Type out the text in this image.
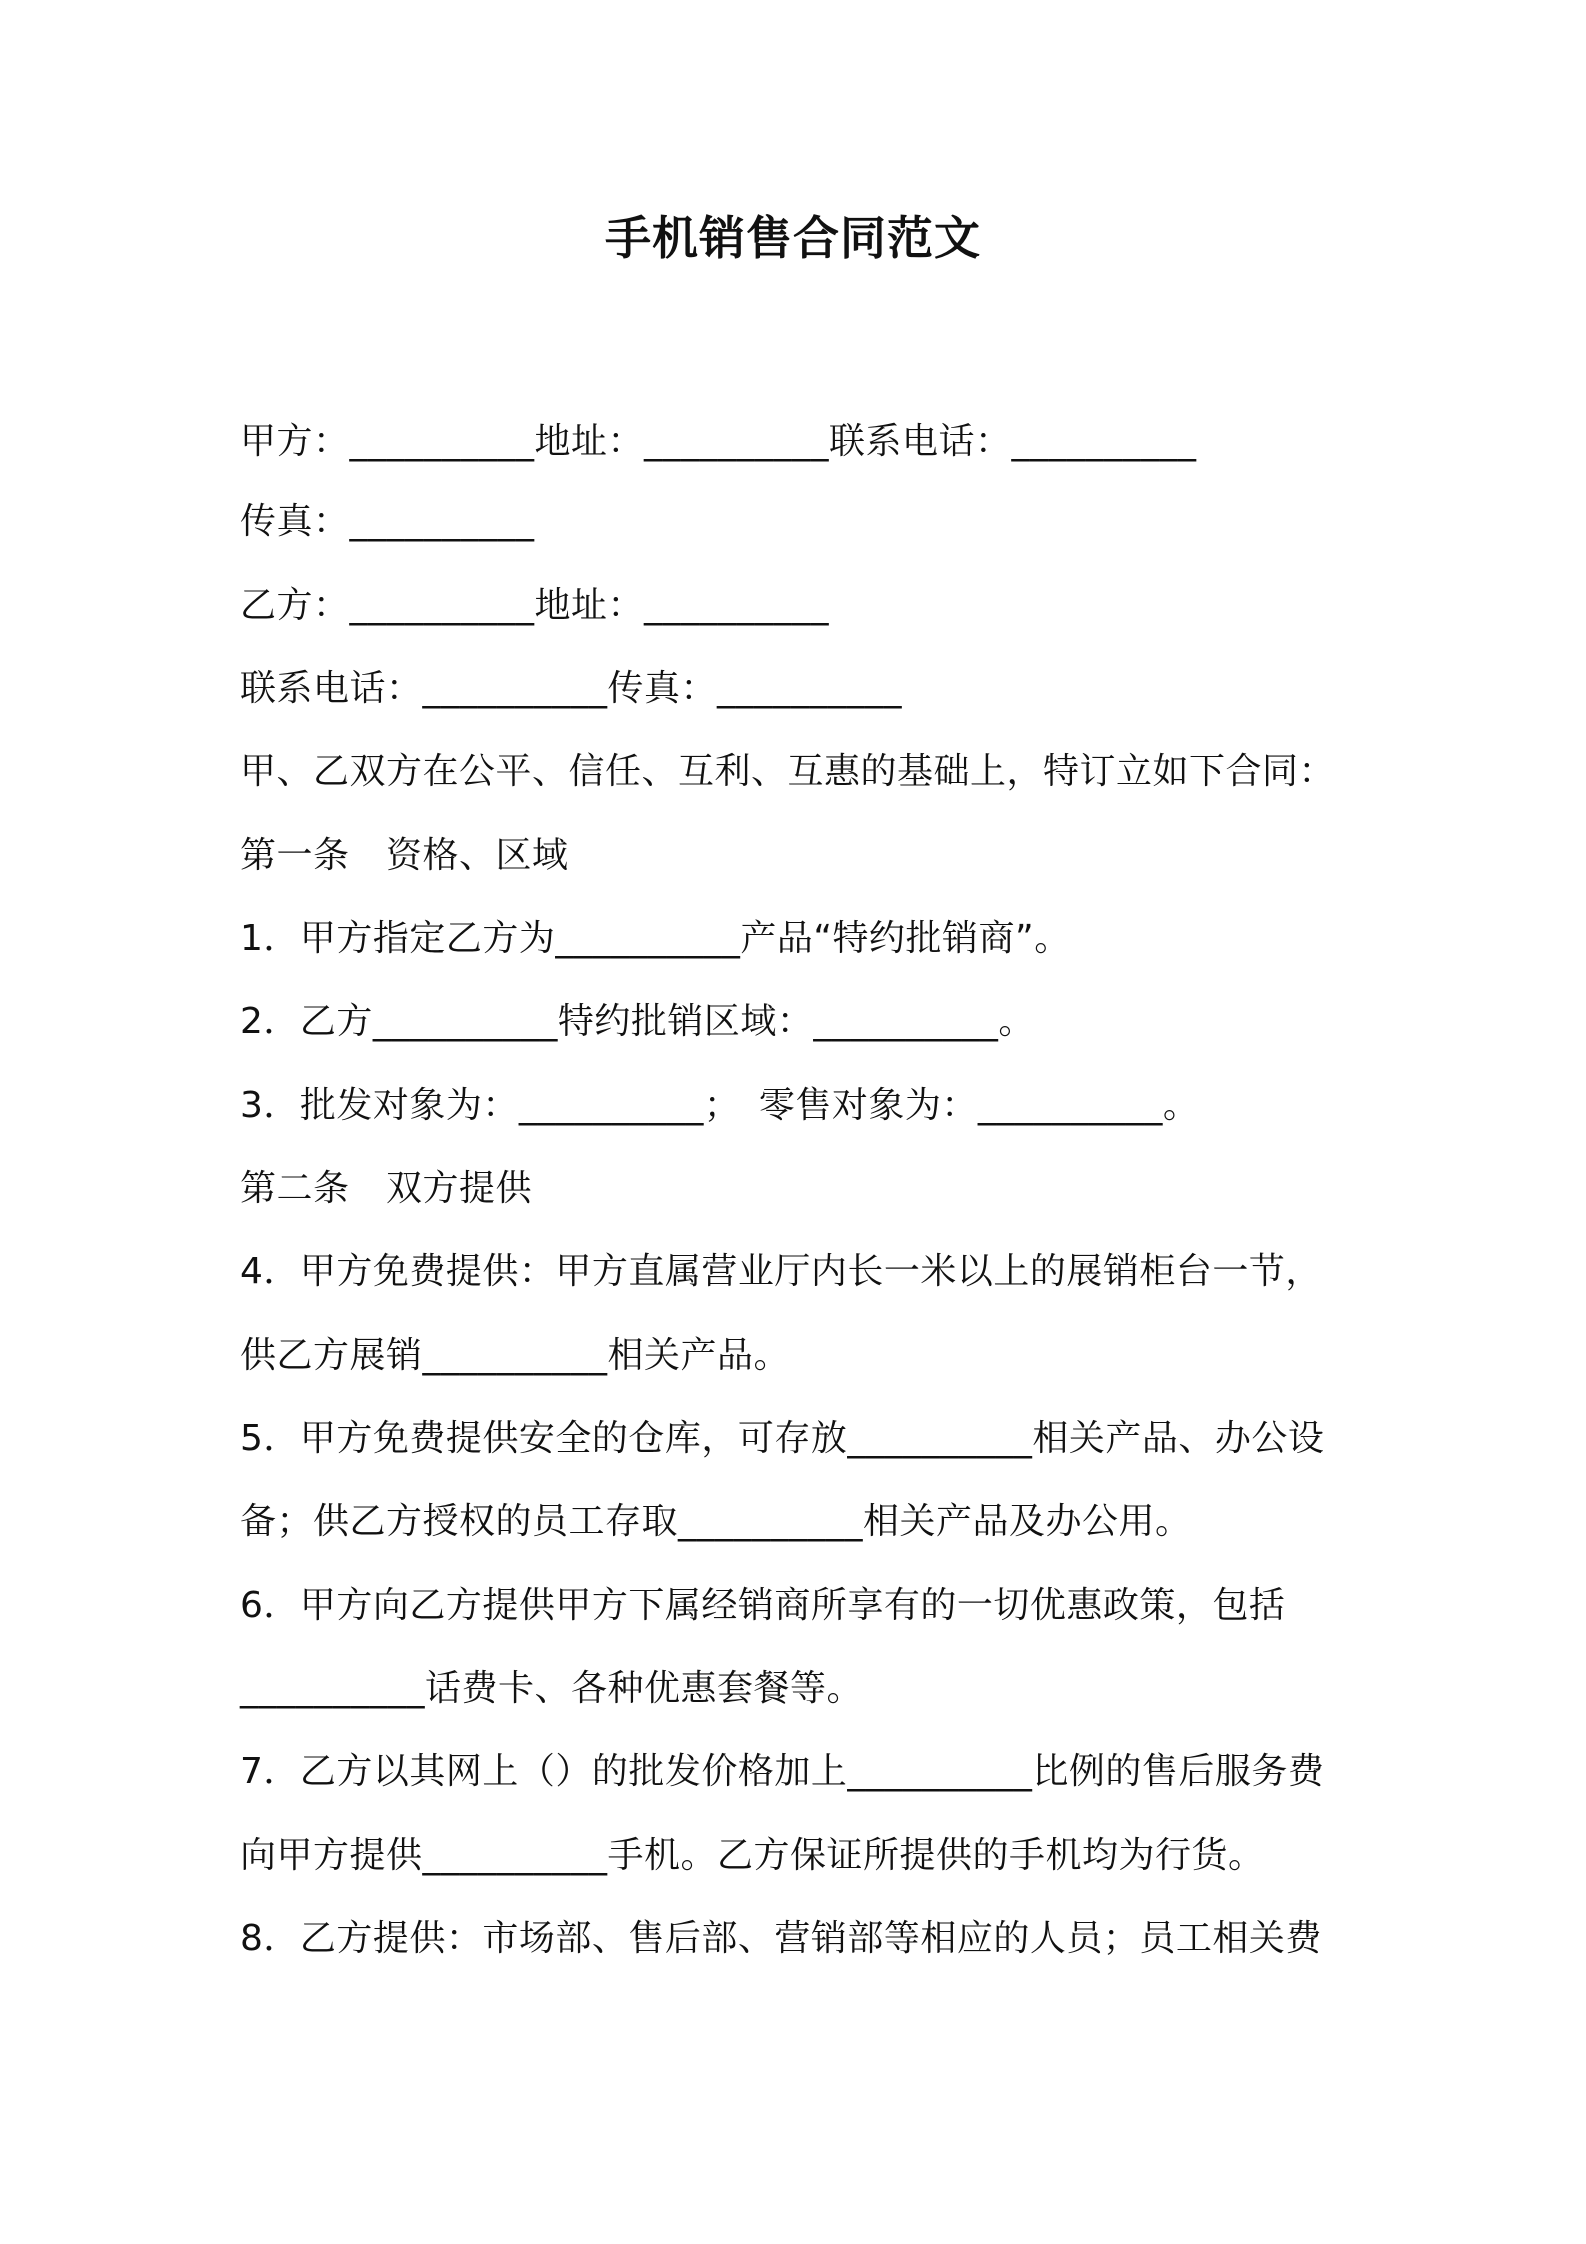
手机销售合同范文
甲方：__________地址：__________联系电话：__________
传真：__________
乙方：__________地址：__________
联系电话：__________传真：__________
甲、乙双方在公平、信任、互利、互惠的基础上，特订立如下合同：
第一条　资格、区域
1．甲方指定乙方为__________产品“特约批销商”。
2．乙方__________特约批销区域：__________。
3．批发对象为：__________；　零售对象为：__________。
第二条　双方提供
4．甲方免费提供：甲方直属营业厅内长一米以上的展销柜台一节，
供乙方展销__________相关产品。
5．甲方免费提供安全的仓库，可存放__________相关产品、办公设
备；供乙方授权的员工存取__________相关产品及办公用。
6．甲方向乙方提供甲方下属经销商所享有的一切优惠政策，包括
__________话费卡、各种优惠套餐等。
7．乙方以其网上（）的批发价格加上__________比例的售后服务费
向甲方提供__________手机。乙方保证所提供的手机均为行货。
8．乙方提供：市场部、售后部、营销部等相应的人员；员工相关费
